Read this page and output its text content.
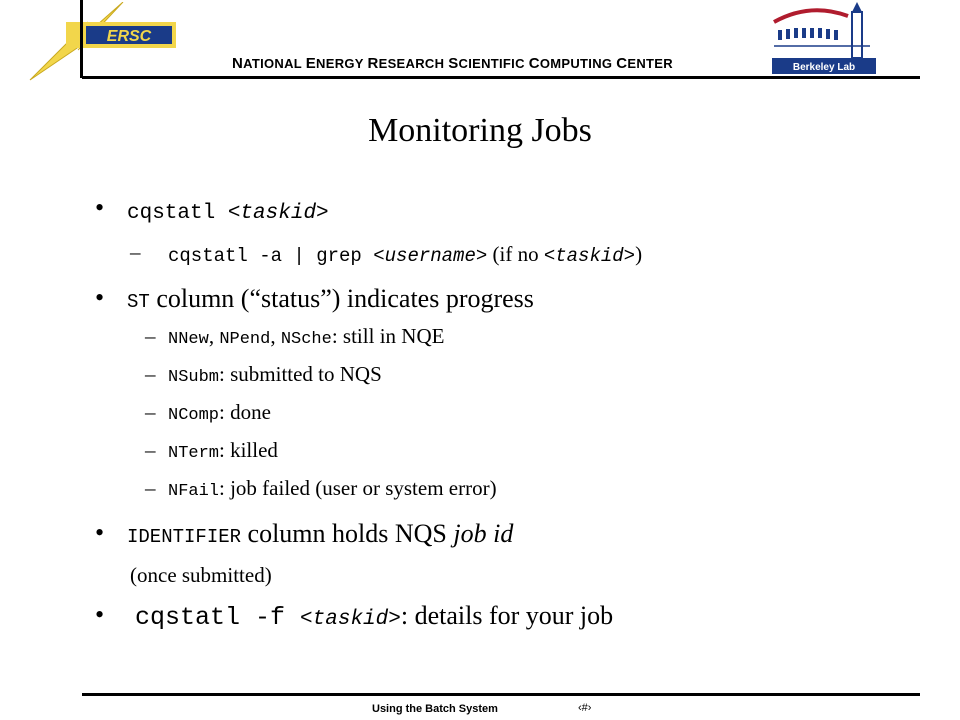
ERSC
NATIONAL ENERGY RESEARCH SCIENTIFIC COMPUTING CENTER	Berkeley Lab
Monitoring Jobs
• cqstatl <taskid>
– cqstatl -a | grep <username> (if no <taskid>)
• ST column (“status”) indicates progress
– NNew, NPend, NSche: still in NQE
– NSubm: submitted to NQS
– NComp: done
– NTerm: killed
– NFail: job failed (user or system error)
• IDENTIFIER column holds NQS job id
(once submitted)
• cqstatl -f <taskid>: details for your job
Using the Batch System	‹#›
